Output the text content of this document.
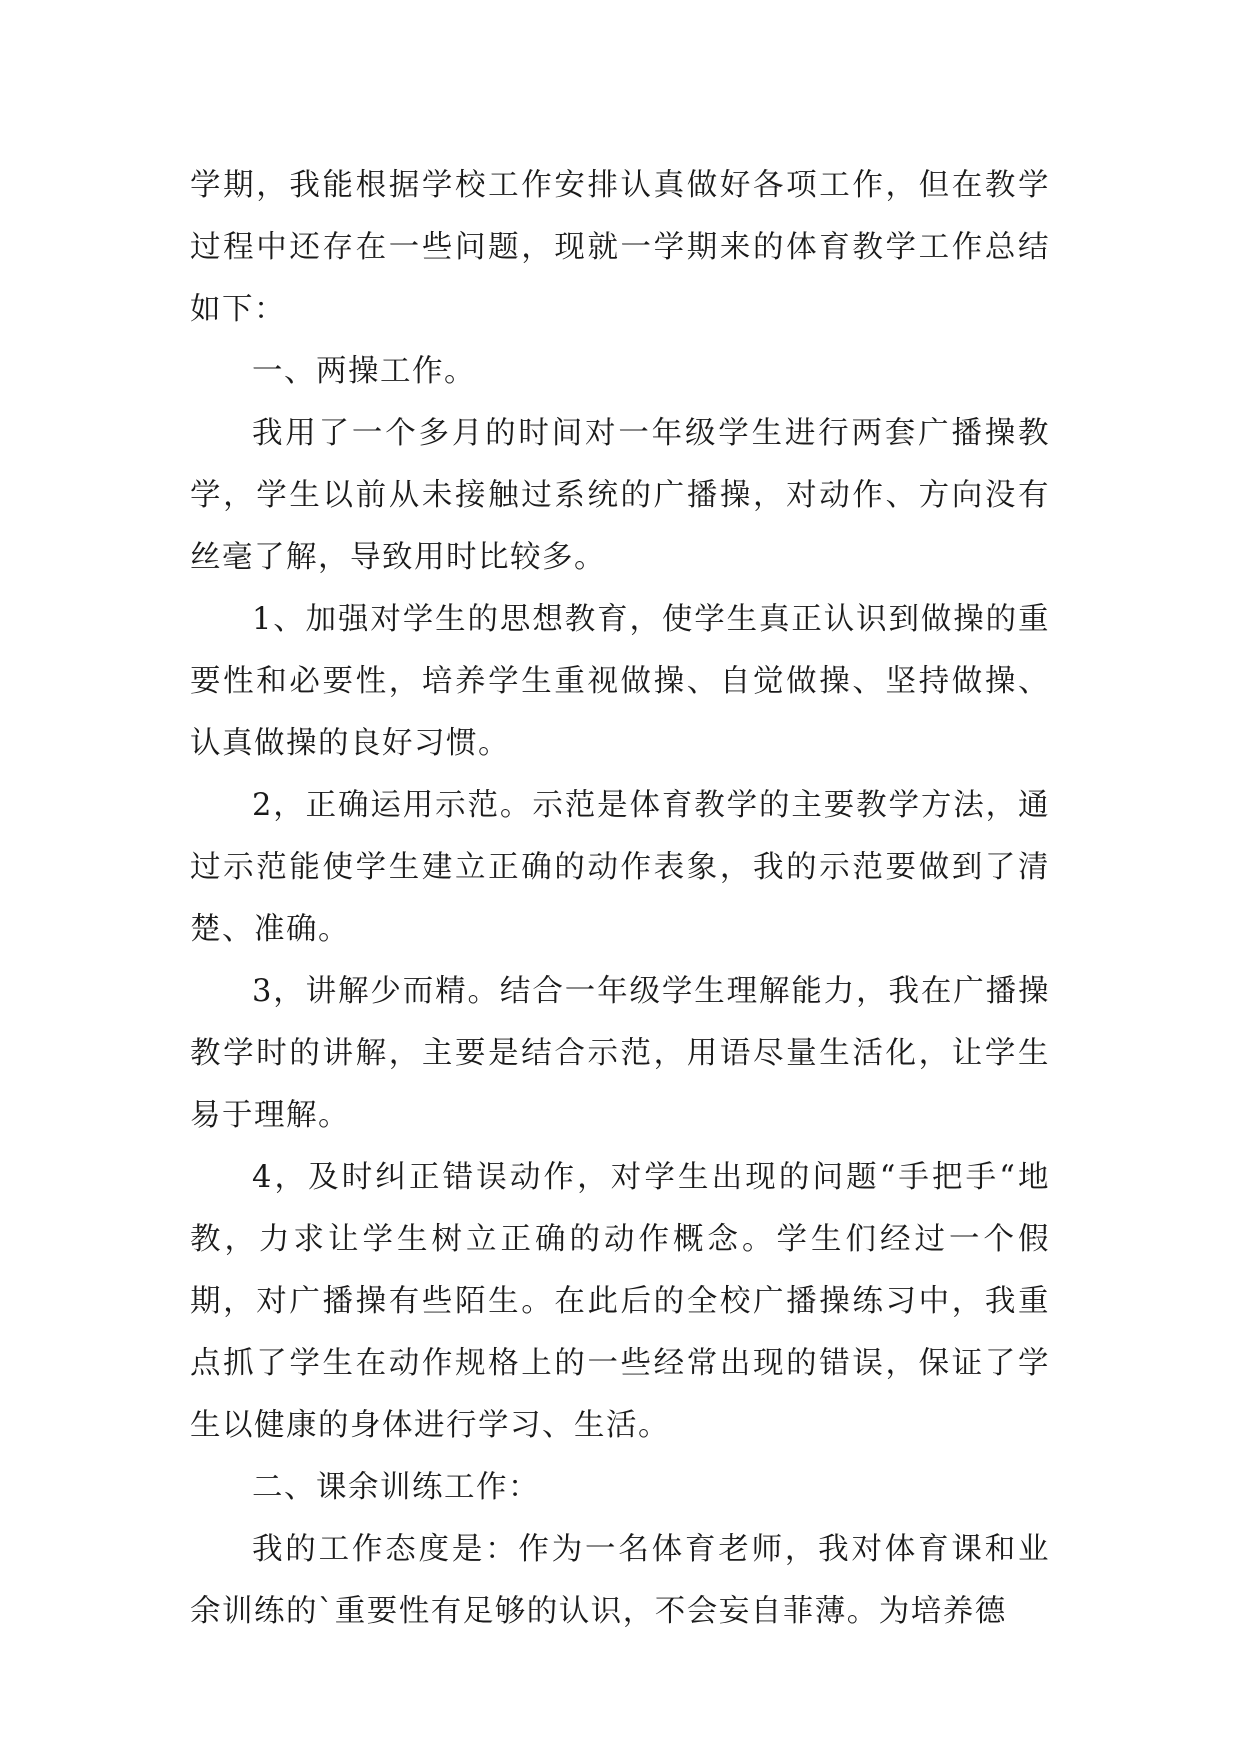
学期，我能根据学校工作安排认真做好各项工作，但在教学过程中还存在一些问题，现就一学期来的体育教学工作总结如下：

一、两操工作。

我用了一个多月的时间对一年级学生进行两套广播操教学，学生以前从未接触过系统的广播操，对动作、方向没有丝毫了解，导致用时比较多。

1、加强对学生的思想教育，使学生真正认识到做操的重要性和必要性，培养学生重视做操、自觉做操、坚持做操、认真做操的良好习惯。

2，正确运用示范。示范是体育教学的主要教学方法，通过示范能使学生建立正确的动作表象，我的示范要做到了清楚、准确。

3，讲解少而精。结合一年级学生理解能力，我在广播操教学时的讲解，主要是结合示范，用语尽量生活化，让学生易于理解。

4，及时纠正错误动作，对学生出现的问题“手把手“地教，力求让学生树立正确的动作概念。学生们经过一个假期，对广播操有些陌生。在此后的全校广播操练习中，我重点抓了学生在动作规格上的一些经常出现的错误，保证了学生以健康的身体进行学习、生活。

二、课余训练工作：

我的工作态度是：作为一名体育老师，我对体育课和业余训练的`重要性有足够的认识，不会妄自菲薄。为培养德
